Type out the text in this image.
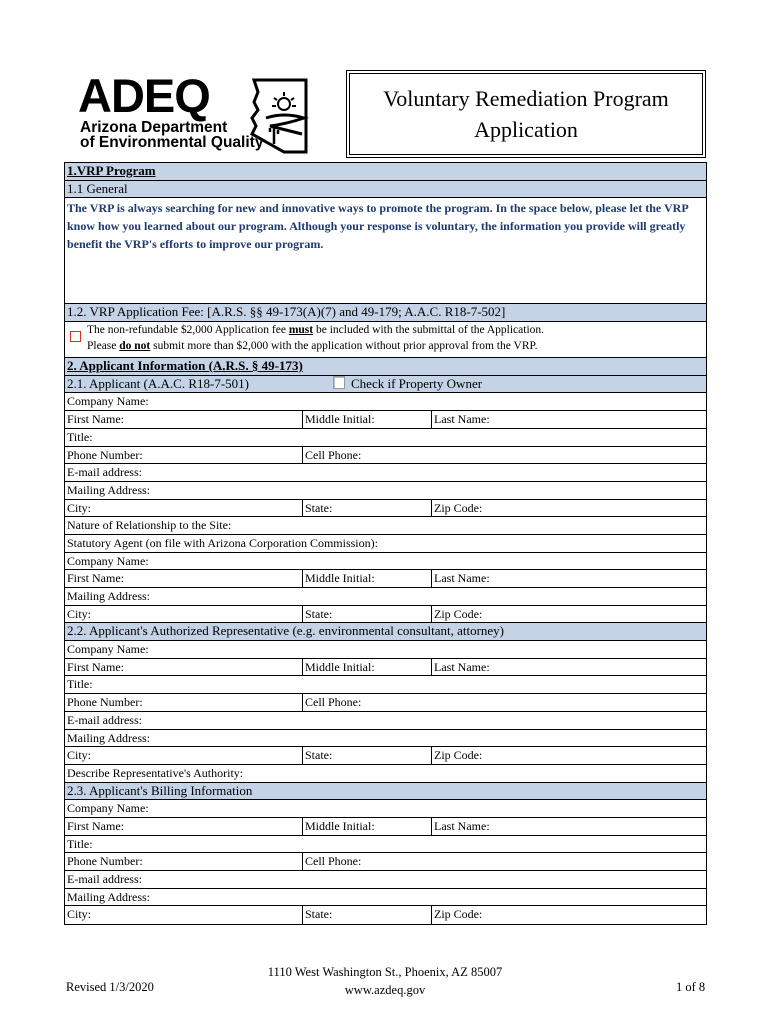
ADEQ
Arizona Department
of Environmental Quality
Voluntary Remediation Program
Application
1.VRP Program
1.1 General
The VRP is always searching for new and innovative ways to promote the program. In the space below, please let the VRP know how you learned about our program. Although your response is voluntary, the information you provide will greatly benefit the VRP's efforts to improve our program.
1.2. VRP Application Fee: [A.R.S. §§ 49-173(A)(7) and 49-179; A.A.C. R18-7-502]
The non-refundable $2,000 Application fee must be included with the submittal of the Application.
Please do not submit more than $2,000 with the application without prior approval from the VRP.
2. Applicant Information (A.R.S. § 49-173)
2.1. Applicant (A.A.C. R18-7-501)	Check if Property Owner
Company Name:
First Name:	Middle Initial:	Last Name:
Title:
Phone Number:	Cell Phone:
E-mail address:
Mailing Address:
City:	State:	Zip Code:
Nature of Relationship to the Site:
Statutory Agent (on file with Arizona Corporation Commission):
Company Name:
First Name:	Middle Initial:	Last Name:
Mailing Address:
City:	State:	Zip Code:
2.2. Applicant's Authorized Representative (e.g. environmental consultant, attorney)
Company Name:
First Name:	Middle Initial:	Last Name:
Title:
Phone Number:	Cell Phone:
E-mail address:
Mailing Address:
City:	State:	Zip Code:
Describe Representative's Authority:
2.3. Applicant's Billing Information
Company Name:
First Name:	Middle Initial:	Last Name:
Title:
Phone Number:	Cell Phone:
E-mail address:
Mailing Address:
City:	State:	Zip Code:
Revised 1/3/2020
1110 West Washington St., Phoenix, AZ 85007
www.azdeq.gov	1 of 8
